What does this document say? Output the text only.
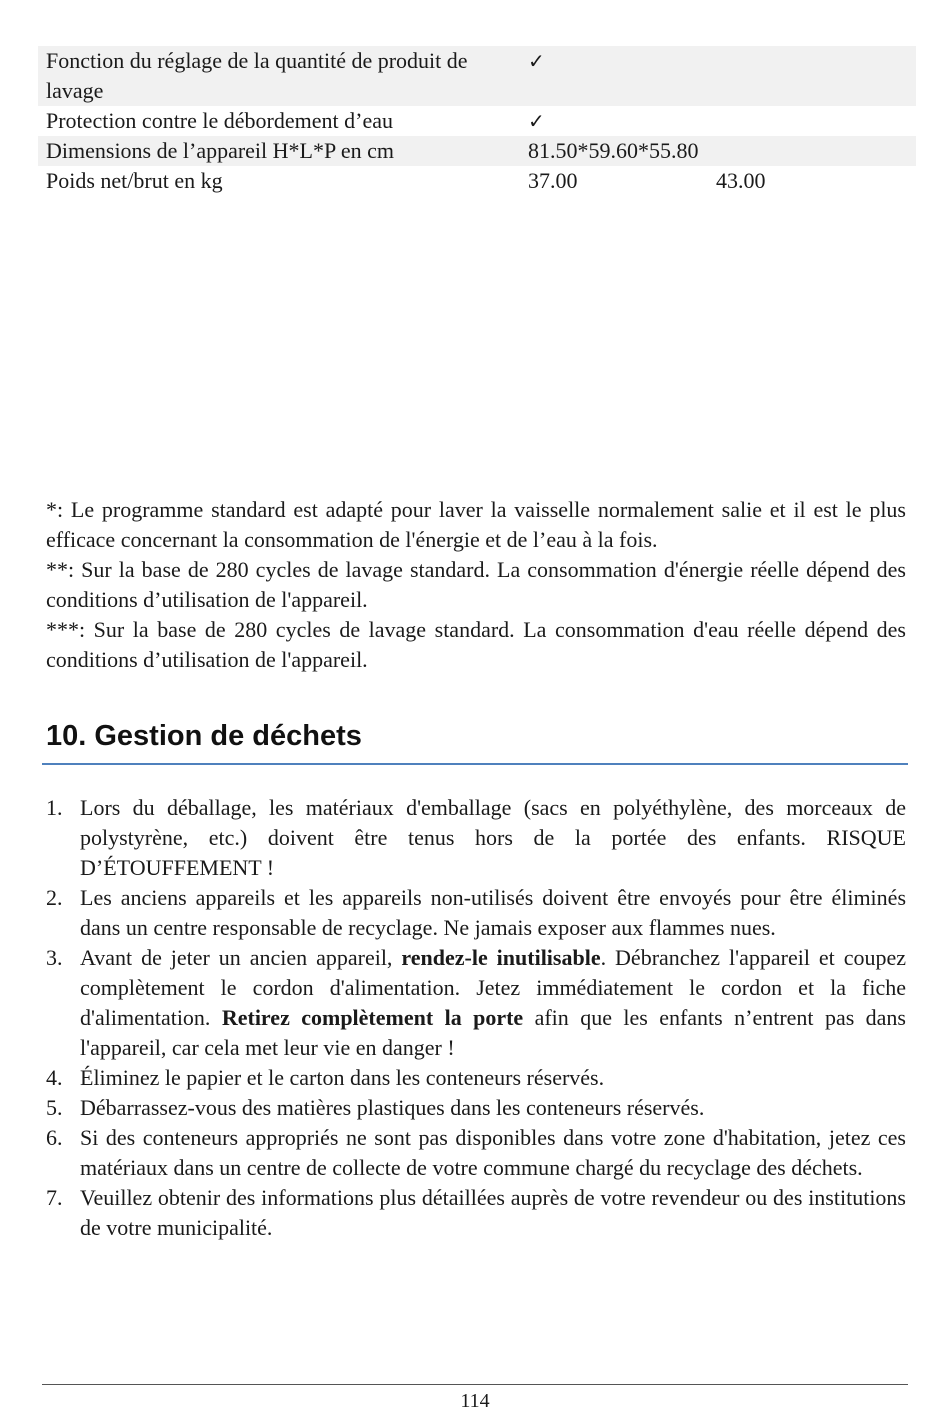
Fonction du réglage de la quantité de produit de lavage	✓	
Protection contre le débordement d’eau	✓	
Dimensions de l’appareil H*L*P en cm	81.50*59.60*55.80	
Poids net/brut en kg	37.00	43.00

*: Le programme standard est adapté pour laver la vaisselle normalement salie et il est le plus efficace concernant la consommation de l'énergie et de l’eau à la fois.

**: Sur la base de 280 cycles de lavage standard. La consommation d'énergie réelle dépend des conditions d’utilisation de l'appareil.

***: Sur la base de 280 cycles de lavage standard. La consommation d'eau réelle dépend des conditions d’utilisation de l'appareil.

10. Gestion de déchets
1. Lors du déballage, les matériaux d'emballage (sacs en polyéthylène, des morceaux de polystyrène, etc.) doivent être tenus hors de la portée des enfants. RISQUE D’ÉTOUFFEMENT !
2. Les anciens appareils et les appareils non-utilisés doivent être envoyés pour être éliminés dans un centre responsable de recyclage. Ne jamais exposer aux flammes nues.
3. Avant de jeter un ancien appareil, rendez-le inutilisable. Débranchez l'appareil et coupez complètement le cordon d'alimentation. Jetez immédiatement le cordon et la fiche d'alimentation. Retirez complètement la porte afin que les enfants n’entrent pas dans l'appareil, car cela met leur vie en danger !
4. Éliminez le papier et le carton dans les conteneurs réservés.
5. Débarrassez-vous des matières plastiques dans les conteneurs réservés.
6. Si des conteneurs appropriés ne sont pas disponibles dans votre zone d'habitation, jetez ces matériaux dans un centre de collecte de votre commune chargé du recyclage des déchets.
7. Veuillez obtenir des informations plus détaillées auprès de votre revendeur ou des institutions de votre municipalité.
114
